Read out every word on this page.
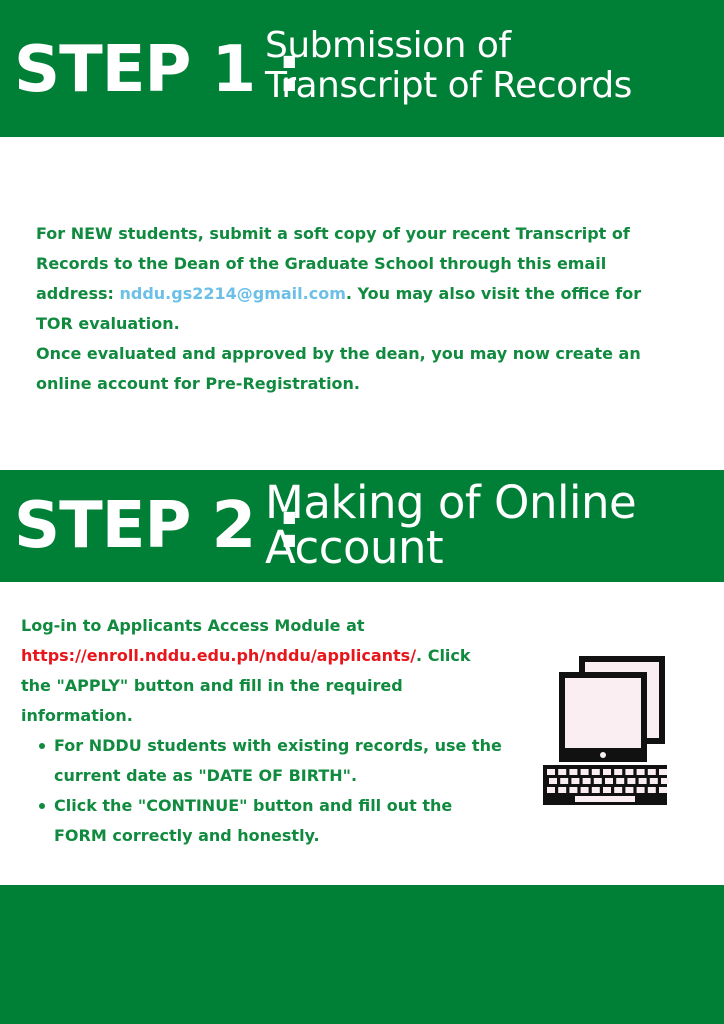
STEP 1 :
Submission of
Transcript of Records
For NEW students, submit a soft copy of your recent Transcript of
Records to the Dean of the Graduate School through this email
address: nddu.gs2214@gmail.com. You may also visit the office for
TOR evaluation.
Once evaluated and approved by the dean, you may now create an
online account for Pre-Registration.
STEP 2 :
Making of Online
Account
Log-in to Applicants Access Module at
https://enroll.nddu.edu.ph/nddu/applicants/. Click
the "APPLY" button and fill in the required
information.
For NDDU students with existing records, use the
current date as "DATE OF BIRTH".
Click the "CONTINUE" button and fill out the
FORM correctly and honestly.
